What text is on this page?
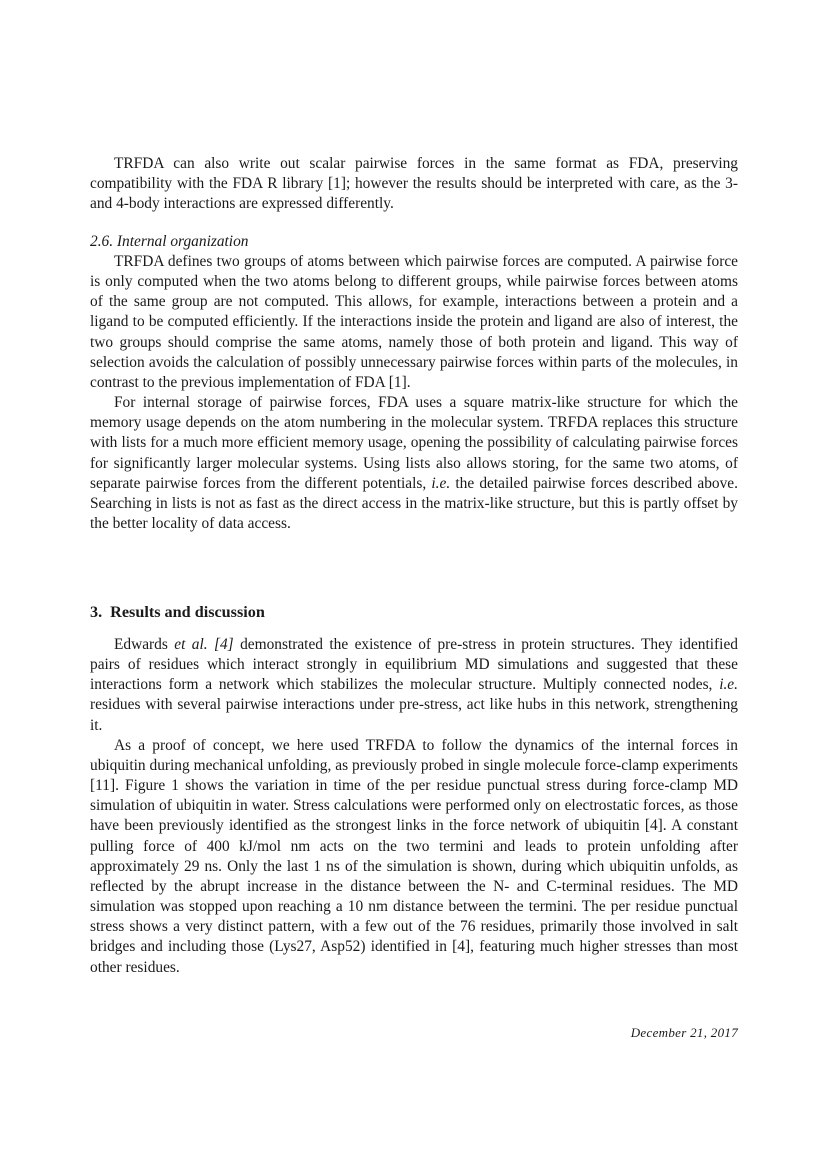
TRFDA can also write out scalar pairwise forces in the same format as FDA, preserving compatibility with the FDA R library [1]; however the results should be interpreted with care, as the 3- and 4-body interactions are expressed differently.

2.6. Internal organization

TRFDA defines two groups of atoms between which pairwise forces are computed. A pairwise force is only computed when the two atoms belong to different groups, while pairwise forces between atoms of the same group are not computed. This allows, for example, interactions between a protein and a ligand to be computed efficiently. If the interactions inside the protein and ligand are also of interest, the two groups should comprise the same atoms, namely those of both protein and ligand. This way of selection avoids the calculation of possibly unnecessary pairwise forces within parts of the molecules, in contrast to the previous implementation of FDA [1].

For internal storage of pairwise forces, FDA uses a square matrix-like structure for which the memory usage depends on the atom numbering in the molecular system. TRFDA replaces this structure with lists for a much more efficient memory usage, opening the possibility of calculating pairwise forces for significantly larger molecular systems. Using lists also allows storing, for the same two atoms, of separate pairwise forces from the different potentials, i.e. the detailed pairwise forces described above. Searching in lists is not as fast as the direct access in the matrix-like structure, but this is partly offset by the better locality of data access.

3. Results and discussion

Edwards et al. [4] demonstrated the existence of pre-stress in protein structures. They identified pairs of residues which interact strongly in equilibrium MD simulations and suggested that these interactions form a network which stabilizes the molecular structure. Multiply connected nodes, i.e. residues with several pairwise interactions under pre-stress, act like hubs in this network, strengthening it.

As a proof of concept, we here used TRFDA to follow the dynamics of the internal forces in ubiquitin during mechanical unfolding, as previously probed in single molecule force-clamp experiments [11]. Figure 1 shows the variation in time of the per residue punctual stress during force-clamp MD simulation of ubiquitin in water. Stress calculations were performed only on electrostatic forces, as those have been previously identified as the strongest links in the force network of ubiquitin [4]. A constant pulling force of 400 kJ/mol nm acts on the two termini and leads to protein unfolding after approximately 29 ns. Only the last 1 ns of the simulation is shown, during which ubiquitin unfolds, as reflected by the abrupt increase in the distance between the N- and C-terminal residues. The MD simulation was stopped upon reaching a 10 nm distance between the termini. The per residue punctual stress shows a very distinct pattern, with a few out of the 76 residues, primarily those involved in salt bridges and including those (Lys27, Asp52) identified in [4], featuring much higher stresses than most other residues.

December 21, 2017
